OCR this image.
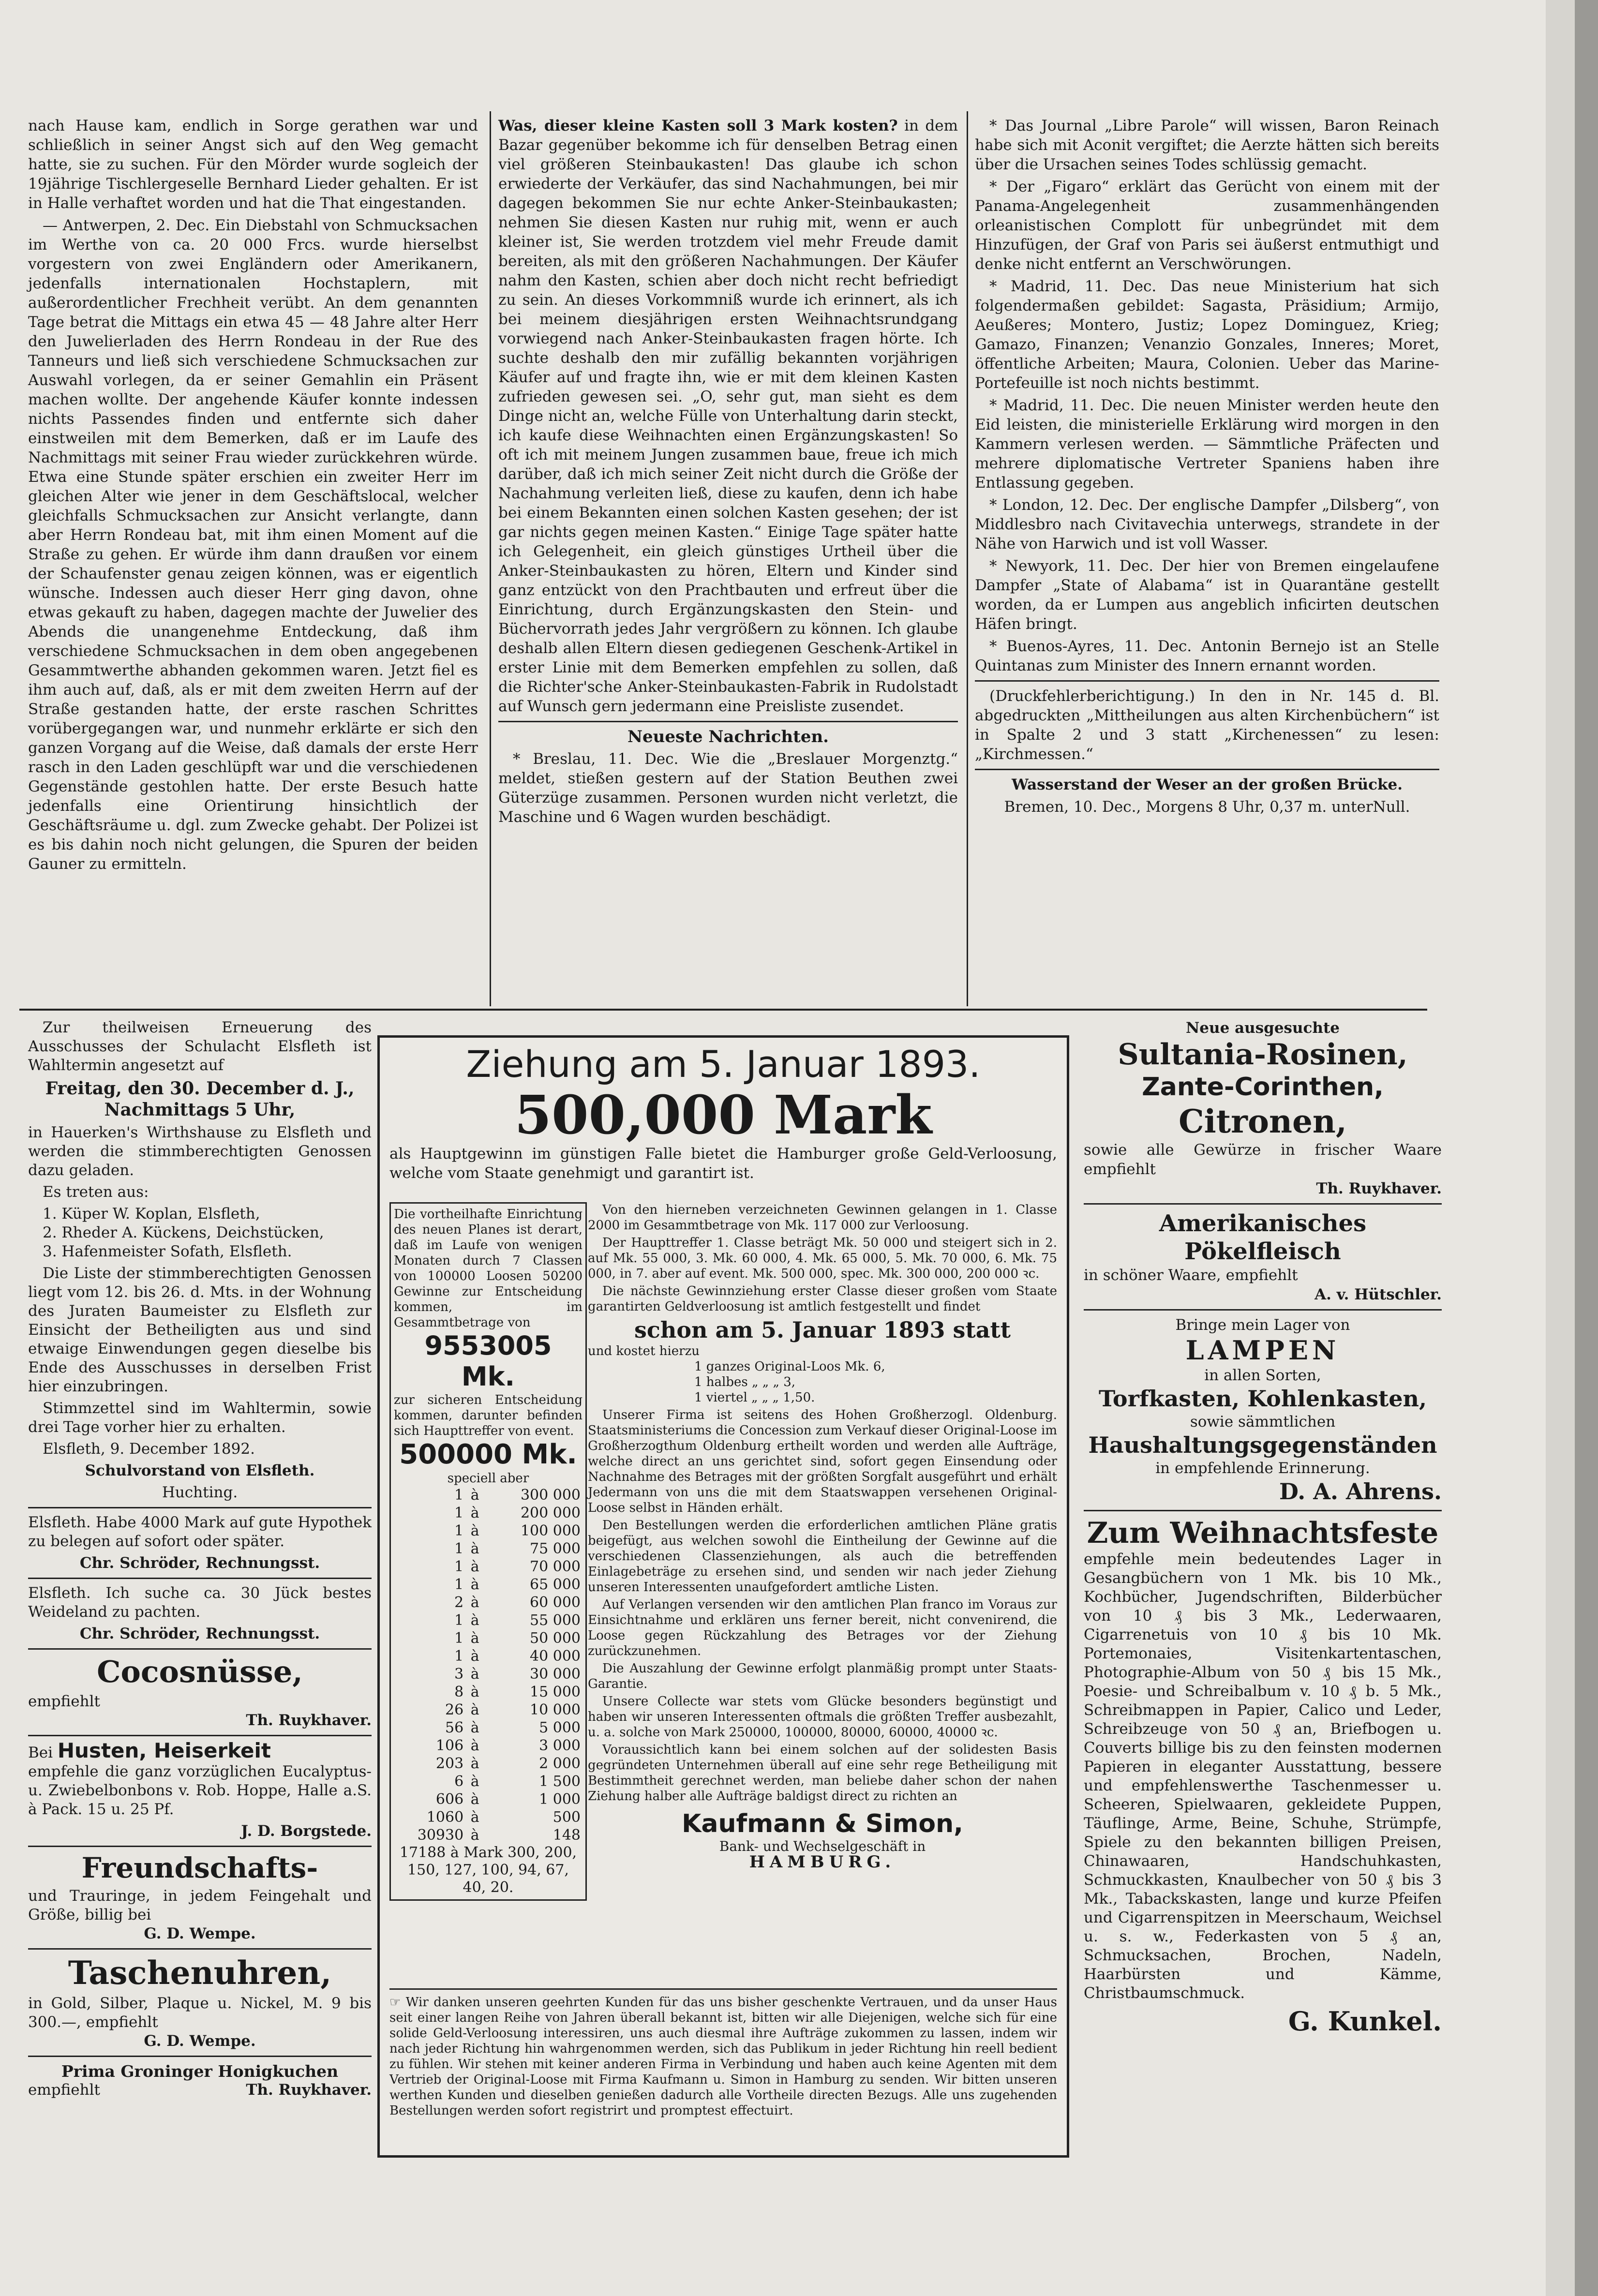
nach Hause kam, endlich in Sorge gerathen war und schließlich in seiner Angst sich auf den Weg gemacht hatte, sie zu suchen. Für den Mörder wurde sogleich der 19jährige Tischlergeselle Bernhard Lieder gehalten. Er ist in Halle verhaftet worden und hat die That eingestanden.

— Antwerpen, 2. Dec. Ein Diebstahl von Schmucksachen im Werthe von ca. 20 000 Frcs. wurde hierselbst vorgestern von zwei Engländern oder Amerikanern, jedenfalls internationalen Hochstaplern, mit außerordentlicher Frechheit verübt. An dem genannten Tage betrat die Mittags ein etwa 45 — 48 Jahre alter Herr den Juwelierladen des Herrn Rondeau in der Rue des Tanneurs und ließ sich verschiedene Schmucksachen zur Auswahl vorlegen, da er seiner Gemahlin ein Präsent machen wollte. Der angehende Käufer konnte indessen nichts Passendes finden und entfernte sich daher einstweilen mit dem Bemerken, daß er im Laufe des Nachmittags mit seiner Frau wieder zurückkehren würde. Etwa eine Stunde später erschien ein zweiter Herr im gleichen Alter wie jener in dem Geschäftslocal, welcher gleichfalls Schmucksachen zur Ansicht verlangte, dann aber Herrn Rondeau bat, mit ihm einen Moment auf die Straße zu gehen. Er würde ihm dann draußen vor einem der Schaufenster genau zeigen können, was er eigentlich wünsche. Indessen auch dieser Herr ging davon, ohne etwas gekauft zu haben, dagegen machte der Juwelier des Abends die unangenehme Entdeckung, daß ihm verschiedene Schmucksachen in dem oben angegebenen Gesammtwerthe abhanden gekommen waren. Jetzt fiel es ihm auch auf, daß, als er mit dem zweiten Herrn auf der Straße gestanden hatte, der erste raschen Schrittes vorübergegangen war, und nunmehr erklärte er sich den ganzen Vorgang auf die Weise, daß damals der erste Herr rasch in den Laden geschlüpft war und die verschiedenen Gegenstände gestohlen hatte. Der erste Besuch hatte jedenfalls eine Orientirung hinsichtlich der Geschäftsräume u. dgl. zum Zwecke gehabt. Der Polizei ist es bis dahin noch nicht gelungen, die Spuren der beiden Gauner zu ermitteln.

Was, dieser kleine Kasten soll 3 Mark kosten? in dem Bazar gegenüber bekomme ich für denselben Betrag einen viel größeren Steinbaukasten! Das glaube ich schon erwiederte der Verkäufer, das sind Nachahmungen, bei mir dagegen bekommen Sie nur echte Anker-Steinbaukasten; nehmen Sie diesen Kasten nur ruhig mit, wenn er auch kleiner ist, Sie werden trotzdem viel mehr Freude damit bereiten, als mit den größeren Nachahmungen. Der Käufer nahm den Kasten, schien aber doch nicht recht befriedigt zu sein. An dieses Vorkommniß wurde ich erinnert, als ich bei meinem diesjährigen ersten Weihnachtsrundgang vorwiegend nach Anker-Steinbaukasten fragen hörte. Ich suchte deshalb den mir zufällig bekannten vorjährigen Käufer auf und fragte ihn, wie er mit dem kleinen Kasten zufrieden gewesen sei. „O, sehr gut, man sieht es dem Dinge nicht an, welche Fülle von Unterhaltung darin steckt, ich kaufe diese Weihnachten einen Ergänzungskasten! So oft ich mit meinem Jungen zusammen baue, freue ich mich darüber, daß ich mich seiner Zeit nicht durch die Größe der Nachahmung verleiten ließ, diese zu kaufen, denn ich habe bei einem Bekannten einen solchen Kasten gesehen; der ist gar nichts gegen meinen Kasten.“ Einige Tage später hatte ich Gelegenheit, ein gleich günstiges Urtheil über die Anker-Steinbaukasten zu hören, Eltern und Kinder sind ganz entzückt von den Prachtbauten und erfreut über die Einrichtung, durch Ergänzungskasten den Stein- und Büchervorrath jedes Jahr vergrößern zu können. Ich glaube deshalb allen Eltern diesen gediegenen Geschenk-Artikel in erster Linie mit dem Bemerken empfehlen zu sollen, daß die Richter'sche Anker-Steinbaukasten-Fabrik in Rudolstadt auf Wunsch gern jedermann eine Preisliste zusendet.

Neueste Nachrichten.

* Breslau, 11. Dec. Wie die „Breslauer Morgenztg.“ meldet, stießen gestern auf der Station Beuthen zwei Güterzüge zusammen. Personen wurden nicht verletzt, die Maschine und 6 Wagen wurden beschädigt.

* Das Journal „Libre Parole“ will wissen, Baron Reinach habe sich mit Aconit vergiftet; die Aerzte hätten sich bereits über die Ursachen seines Todes schlüssig gemacht.

* Der „Figaro“ erklärt das Gerücht von einem mit der Panama-Angelegenheit zusammenhängenden orleanistischen Complott für unbegründet mit dem Hinzufügen, der Graf von Paris sei äußerst entmuthigt und denke nicht entfernt an Verschwörungen.

* Madrid, 11. Dec. Das neue Ministerium hat sich folgendermaßen gebildet: Sagasta, Präsidium; Armijo, Aeußeres; Montero, Justiz; Lopez Dominguez, Krieg; Gamazo, Finanzen; Venanzio Gonzales, Inneres; Moret, öffentliche Arbeiten; Maura, Colonien. Ueber das Marine-Portefeuille ist noch nichts bestimmt.

* Madrid, 11. Dec. Die neuen Minister werden heute den Eid leisten, die ministerielle Erklärung wird morgen in den Kammern verlesen werden. — Sämmtliche Präfecten und mehrere diplomatische Vertreter Spaniens haben ihre Entlassung gegeben.

* London, 12. Dec. Der englische Dampfer „Dilsberg“, von Middlesbro nach Civitavechia unterwegs, strandete in der Nähe von Harwich und ist voll Wasser.

* Newyork, 11. Dec. Der hier von Bremen eingelaufene Dampfer „State of Alabama“ ist in Quarantäne gestellt worden, da er Lumpen aus angeblich inficirten deutschen Häfen bringt.

* Buenos-Ayres, 11. Dec. Antonin Bernejo ist an Stelle Quintanas zum Minister des Innern ernannt worden.

(Druckfehlerberichtigung.) In den in Nr. 145 d. Bl. abgedruckten „Mittheilungen aus alten Kirchenbüchern“ ist in Spalte 2 und 3 statt „Kirchenessen“ zu lesen: „Kirchmessen.“

Wasserstand der Weser an der großen Brücke.

Bremen, 10. Dec., Morgens 8 Uhr, 0,37 m. unterNull.

Zur theilweisen Erneuerung des Ausschusses der Schulacht Elsfleth ist Wahltermin angesetzt auf

Freitag, den 30. December d. J., Nachmittags 5 Uhr,

in Hauerken's Wirthshause zu Elsfleth und werden die stimmberechtigten Genossen dazu geladen.

Es treten aus:

1. Küper W. Koplan, Elsfleth,

2. Rheder A. Kückens, Deichstücken,

3. Hafenmeister Sofath, Elsfleth.

Die Liste der stimmberechtigten Genossen liegt vom 12. bis 26. d. Mts. in der Wohnung des Juraten Baumeister zu Elsfleth zur Einsicht der Betheiligten aus und sind etwaige Einwendungen gegen dieselbe bis Ende des Ausschusses in derselben Frist hier einzubringen.

Stimmzettel sind im Wahltermin, sowie drei Tage vorher hier zu erhalten.

Elsfleth, 9. December 1892.

Schulvorstand von Elsfleth.

Huchting.

Elsfleth. Habe 4000 Mark auf gute Hypothek zu belegen auf sofort oder später.

Chr. Schröder, Rechnungsst.

Elsfleth. Ich suche ca. 30 Jück bestes Weideland zu pachten.

Chr. Schröder, Rechnungsst.

Cocosnüsse,

empfiehlt

Th. Ruykhaver.

Bei Husten, Heiserkeit

empfehle die ganz vorzüglichen Eucalyptus- u. Zwiebelbonbons v. Rob. Hoppe, Halle a.S. à Pack. 15 u. 25 Pf.

J. D. Borgstede.

Freundschafts-

und Trauringe, in jedem Feingehalt und Größe, billig bei

G. D. Wempe.

Taschenuhren,

in Gold, Silber, Plaque u. Nickel, M. 9 bis 300.—, empfiehlt

G. D. Wempe.

Prima Groninger Honigkuchen

empfiehlt	Th. Ruykhaver.

Ziehung am 5. Januar 1893.
500,000 Mark
als Hauptgewinn im günstigen Falle bietet die Hamburger große Geld-Verloosung, welche vom Staate genehmigt und garantirt ist.
Die vortheilhafte Einrichtung des neuen Planes ist derart, daß im Laufe von wenigen Monaten durch 7 Classen von 100000 Loosen 50200 Gewinne zur Entscheidung kommen, im Gesammtbetrage von
9553005 Mk.
zur sicheren Entscheidung kommen, darunter befinden sich Haupttreffer von event.
500000 Mk.
speciell aber
1	à	300 000
1	à	200 000
1	à	100 000
1	à	75 000
1	à	70 000
1	à	65 000
2	à	60 000
1	à	55 000
1	à	50 000
1	à	40 000
3	à	30 000
8	à	15 000
26	à	10 000
56	à	5 000
106	à	3 000
203	à	2 000
6	à	1 500
606	à	1 000
1060	à	500
30930	à	148
17188 à Mark 300, 200, 150, 127, 100, 94, 67, 40, 20.

Von den hierneben verzeichneten Gewinnen gelangen in 1. Classe 2000 im Gesammtbetrage von Mk. 117 000 zur Verloosung.

Der Haupttreffer 1. Classe beträgt Mk. 50 000 und steigert sich in 2. auf Mk. 55 000, 3. Mk. 60 000, 4. Mk. 65 000, 5. Mk. 70 000, 6. Mk. 75 000, in 7. aber auf event. Mk. 500 000, spec. Mk. 300 000, 200 000 ꝛc.

Die nächste Gewinnziehung erster Classe dieser großen vom Staate garantirten Geldverloosung ist amtlich festgestellt und findet

schon am 5. Januar 1893 statt

und kostet hierzu

1 ganzes Original-Loos Mk. 6,

1 halbes „ „ „ 3,

1 viertel „ „ „ 1,50.

Unserer Firma ist seitens des Hohen Großherzogl. Oldenburg. Staatsministeriums die Concession zum Verkauf dieser Original-Loose im Großherzogthum Oldenburg ertheilt worden und werden alle Aufträge, welche direct an uns gerichtet sind, sofort gegen Einsendung oder Nachnahme des Betrages mit der größten Sorgfalt ausgeführt und erhält Jedermann von uns die mit dem Staatswappen versehenen Original-Loose selbst in Händen erhält.

Den Bestellungen werden die erforderlichen amtlichen Pläne gratis beigefügt, aus welchen sowohl die Eintheilung der Gewinne auf die verschiedenen Classenziehungen, als auch die betreffenden Einlagebeträge zu ersehen sind, und senden wir nach jeder Ziehung unseren Interessenten unaufgefordert amtliche Listen.

Auf Verlangen versenden wir den amtlichen Plan franco im Voraus zur Einsichtnahme und erklären uns ferner bereit, nicht convenirend, die Loose gegen Rückzahlung des Betrages vor der Ziehung zurückzunehmen.

Die Auszahlung der Gewinne erfolgt planmäßig prompt unter Staats-Garantie.

Unsere Collecte war stets vom Glücke besonders begünstigt und haben wir unseren Interessenten oftmals die größten Treffer ausbezahlt, u. a. solche von Mark 250000, 100000, 80000, 60000, 40000 ꝛc.

Voraussichtlich kann bei einem solchen auf der solidesten Basis gegründeten Unternehmen überall auf eine sehr rege Betheiligung mit Bestimmtheit gerechnet werden, man beliebe daher schon der nahen Ziehung halber alle Aufträge baldigst direct zu richten an

Kaufmann & Simon,

Bank- und Wechselgeschäft in

HAMBURG.

☞ Wir danken unseren geehrten Kunden für das uns bisher geschenkte Vertrauen, und da unser Haus seit einer langen Reihe von Jahren überall bekannt ist, bitten wir alle Diejenigen, welche sich für eine solide Geld-Verloosung interessiren, uns auch diesmal ihre Aufträge zukommen zu lassen, indem wir nach jeder Richtung hin wahrgenommen werden, sich das Publikum in jeder Richtung hin reell bedient zu fühlen. Wir stehen mit keiner anderen Firma in Verbindung und haben auch keine Agenten mit dem Vertrieb der Original-Loose mit Firma Kaufmann u. Simon in Hamburg zu senden. Wir bitten unseren werthen Kunden und dieselben genießen dadurch alle Vortheile directen Bezugs. Alle uns zugehenden Bestellungen werden sofort registrirt und promptest effectuirt.

Neue ausgesuchte

Sultania-Rosinen,

Zante-Corinthen,

Citronen,

sowie alle Gewürze in frischer Waare empfiehlt

Th. Ruykhaver.

Amerikanisches Pökelfleisch

in schöner Waare, empfiehlt

A. v. Hütschler.

Bringe mein Lager von

LAMPEN

in allen Sorten,

Torfkasten, Kohlenkasten,

sowie sämmtlichen

Haushaltungsgegenständen

in empfehlende Erinnerung.

D. A. Ahrens.

Zum Weihnachtsfeste

empfehle mein bedeutendes Lager in Gesangbüchern von 1 Mk. bis 10 Mk., Kochbücher, Jugendschriften, Bilderbücher von 10 ₰ bis 3 Mk., Lederwaaren, Cigarrenetuis von 10 ₰ bis 10 Mk. Portemonaies, Visitenkartentaschen, Photographie-Album von 50 ₰ bis 15 Mk., Poesie- und Schreibalbum v. 10 ₰ b. 5 Mk., Schreibmappen in Papier, Calico und Leder, Schreibzeuge von 50 ₰ an, Briefbogen u. Couverts billige bis zu den feinsten modernen Papieren in eleganter Ausstattung, bessere und empfehlenswerthe Taschenmesser u. Scheeren, Spielwaaren, gekleidete Puppen, Täuflinge, Arme, Beine, Schuhe, Strümpfe, Spiele zu den bekannten billigen Preisen, Chinawaaren, Handschuhkasten, Schmuckkasten, Knaulbecher von 50 ₰ bis 3 Mk., Tabackskasten, lange und kurze Pfeifen und Cigarrenspitzen in Meerschaum, Weichsel u. s. w., Federkasten von 5 ₰ an, Schmucksachen, Brochen, Nadeln, Haarbürsten und Kämme, Christbaumschmuck.

G. Kunkel.
